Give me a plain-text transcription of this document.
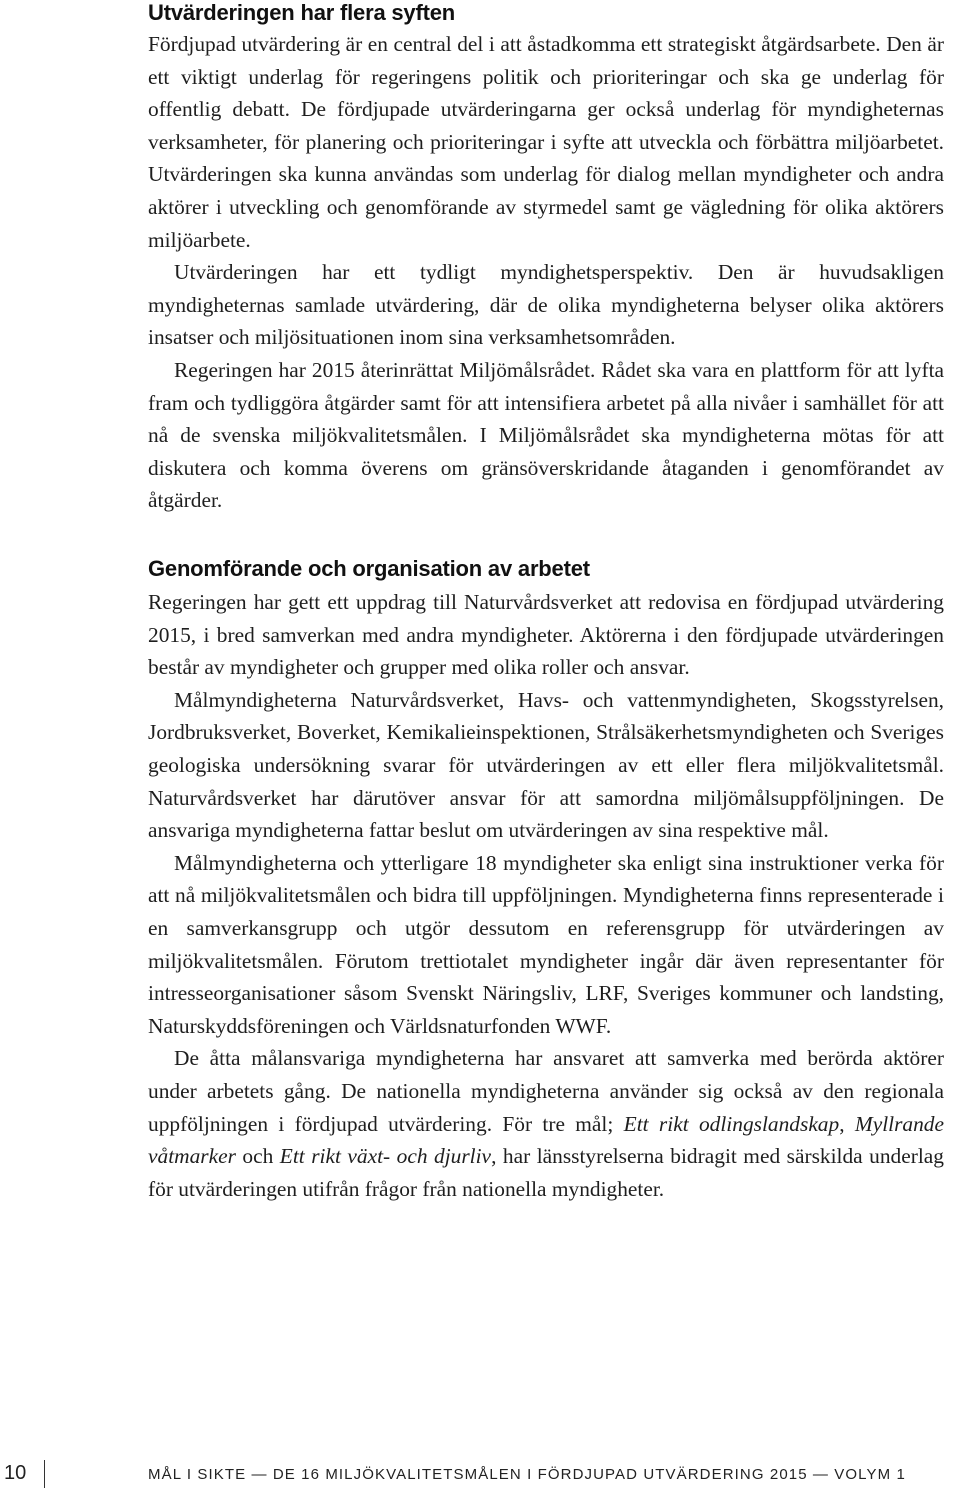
Utvärderingen har flera syften

Fördjupad utvärdering är en central del i att åstadkomma ett strategiskt åtgärdsarbete. Den är ett viktigt underlag för regeringens politik och prioriteringar och ska ge underlag för offentlig debatt. De fördjupade utvärderingarna ger också underlag för myndigheternas verksamheter, för planering och prioriteringar i syfte att utveckla och förbättra miljöarbetet. Utvärderingen ska kunna användas som underlag för dialog mellan myndigheter och andra aktörer i utveckling och genomförande av styrmedel samt ge vägledning för olika aktörers miljöarbete.

Utvärderingen har ett tydligt myndighetsperspektiv. Den är huvudsakligen myndigheternas samlade utvärdering, där de olika myndigheterna belyser olika aktörers insatser och miljösituationen inom sina verksamhetsområden.

Regeringen har 2015 återinrättat Miljömålsrådet. Rådet ska vara en plattform för att lyfta fram och tydliggöra åtgärder samt för att intensifiera arbetet på alla nivåer i samhället för att nå de svenska miljökvalitetsmålen. I Miljömålsrådet ska myndigheterna mötas för att diskutera och komma överens om gränsöverskridande åtaganden i genomförandet av åtgärder.

Genomförande och organisation av arbetet

Regeringen har gett ett uppdrag till Naturvårdsverket att redovisa en fördjupad utvärdering 2015, i bred samverkan med andra myndigheter. Aktörerna i den fördjupade utvärderingen består av myndigheter och grupper med olika roller och ansvar.

Målmyndigheterna Naturvårdsverket, Havs- och vattenmyndigheten, Skogsstyrelsen, Jordbruksverket, Boverket, Kemikalieinspektionen, Strålsäkerhetsmyndigheten och Sveriges geologiska undersökning svarar för utvärderingen av ett eller flera miljökvalitetsmål. Naturvårdsverket har därutöver ansvar för att samordna miljömålsuppföljningen. De ansvariga myndigheterna fattar beslut om utvärderingen av sina respektive mål.

Målmyndigheterna och ytterligare 18 myndigheter ska enligt sina instruktioner verka för att nå miljökvalitetsmålen och bidra till uppföljningen. Myndigheterna finns representerade i en samverkansgrupp och utgör dessutom en referensgrupp för utvärderingen av miljökvalitetsmålen. Förutom trettiotalet myndigheter ingår där även representanter för intresseorganisationer såsom Svenskt Näringsliv, LRF, Sveriges kommuner och landsting, Naturskyddsföreningen och Världsnaturfonden WWF.

De åtta målansvariga myndigheterna har ansvaret att samverka med berörda aktörer under arbetets gång. De nationella myndigheterna använder sig också av den regionala uppföljningen i fördjupad utvärdering. För tre mål; Ett rikt odlingslandskap, Myllrande våtmarker och Ett rikt växt- och djurliv, har länsstyrelserna bidragit med särskilda underlag för utvärderingen utifrån frågor från nationella myndigheter.

10	MÅL I SIKTE — DE 16 MILJÖKVALITETSMÅLEN I FÖRDJUPAD UTVÄRDERING 2015 — VOLYM 1
